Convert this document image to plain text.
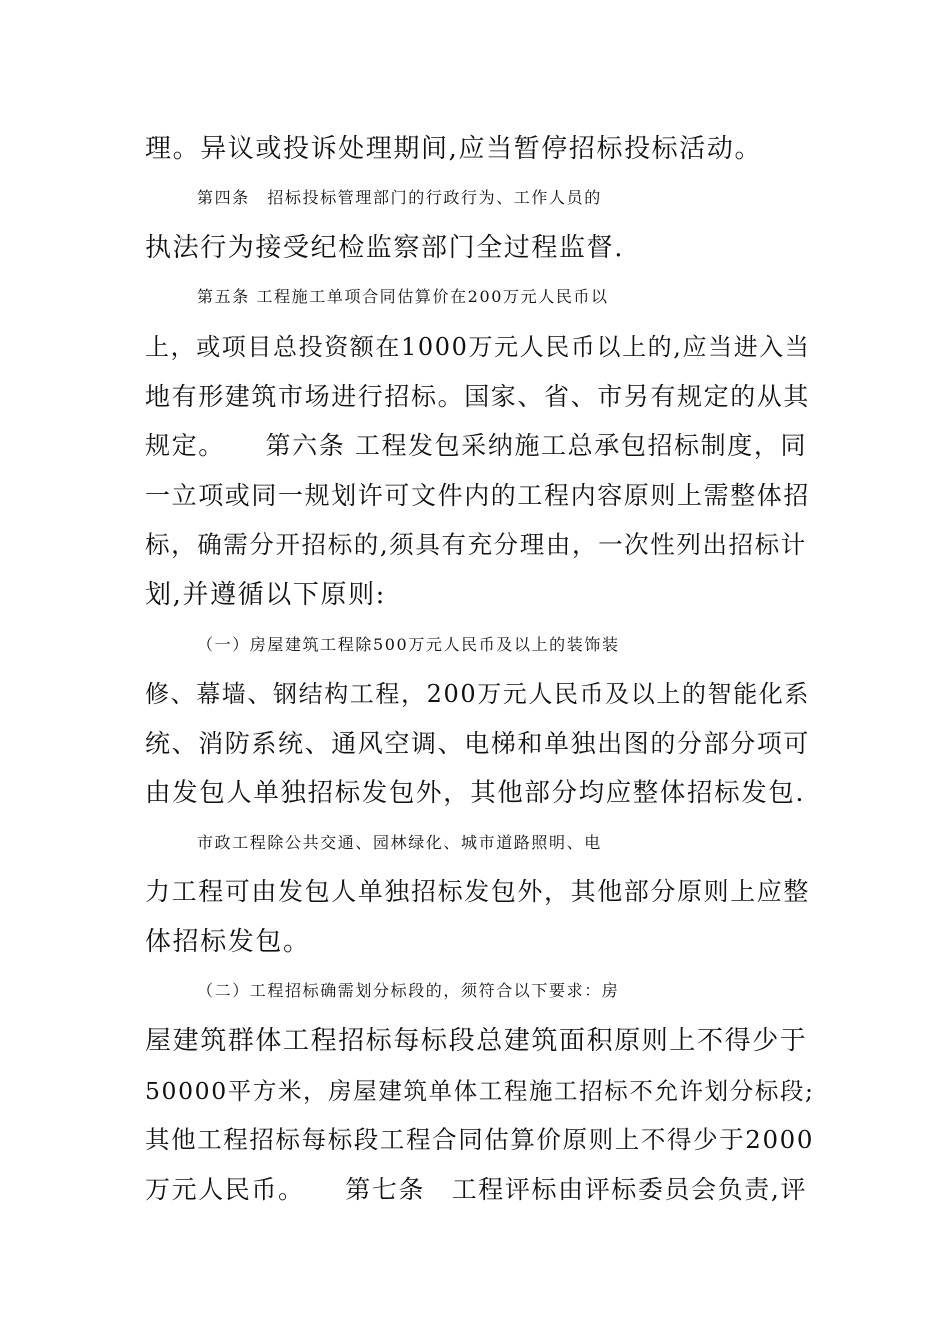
理。异议或投诉处理期间,应当暂停招标投标活动。
第四条　招标投标管理部门的行政行为、工作人员的
执法行为接受纪检监察部门全过程监督.
第五条 工程施工单项合同估算价在200万元人民币以
上，或项目总投资额在1000万元人民币以上的,应当进入当
地有形建筑市场进行招标。国家、省、市另有规定的从其
规定。　　第六条 工程发包采纳施工总承包招标制度，同
一立项或同一规划许可文件内的工程内容原则上需整体招
标，确需分开招标的,须具有充分理由，一次性列出招标计
划,并遵循以下原则:
（一）房屋建筑工程除500万元人民币及以上的装饰装
修、幕墙、钢结构工程，200万元人民币及以上的智能化系
统、消防系统、通风空调、电梯和单独出图的分部分项可
由发包人单独招标发包外，其他部分均应整体招标发包.
市政工程除公共交通、园林绿化、城市道路照明、电
力工程可由发包人单独招标发包外，其他部分原则上应整
体招标发包。
（二）工程招标确需划分标段的，须符合以下要求：房
屋建筑群体工程招标每标段总建筑面积原则上不得少于
50000平方米，房屋建筑单体工程施工招标不允许划分标段;
其他工程招标每标段工程合同估算价原则上不得少于2000
万元人民币。　　第七条　工程评标由评标委员会负责,评
